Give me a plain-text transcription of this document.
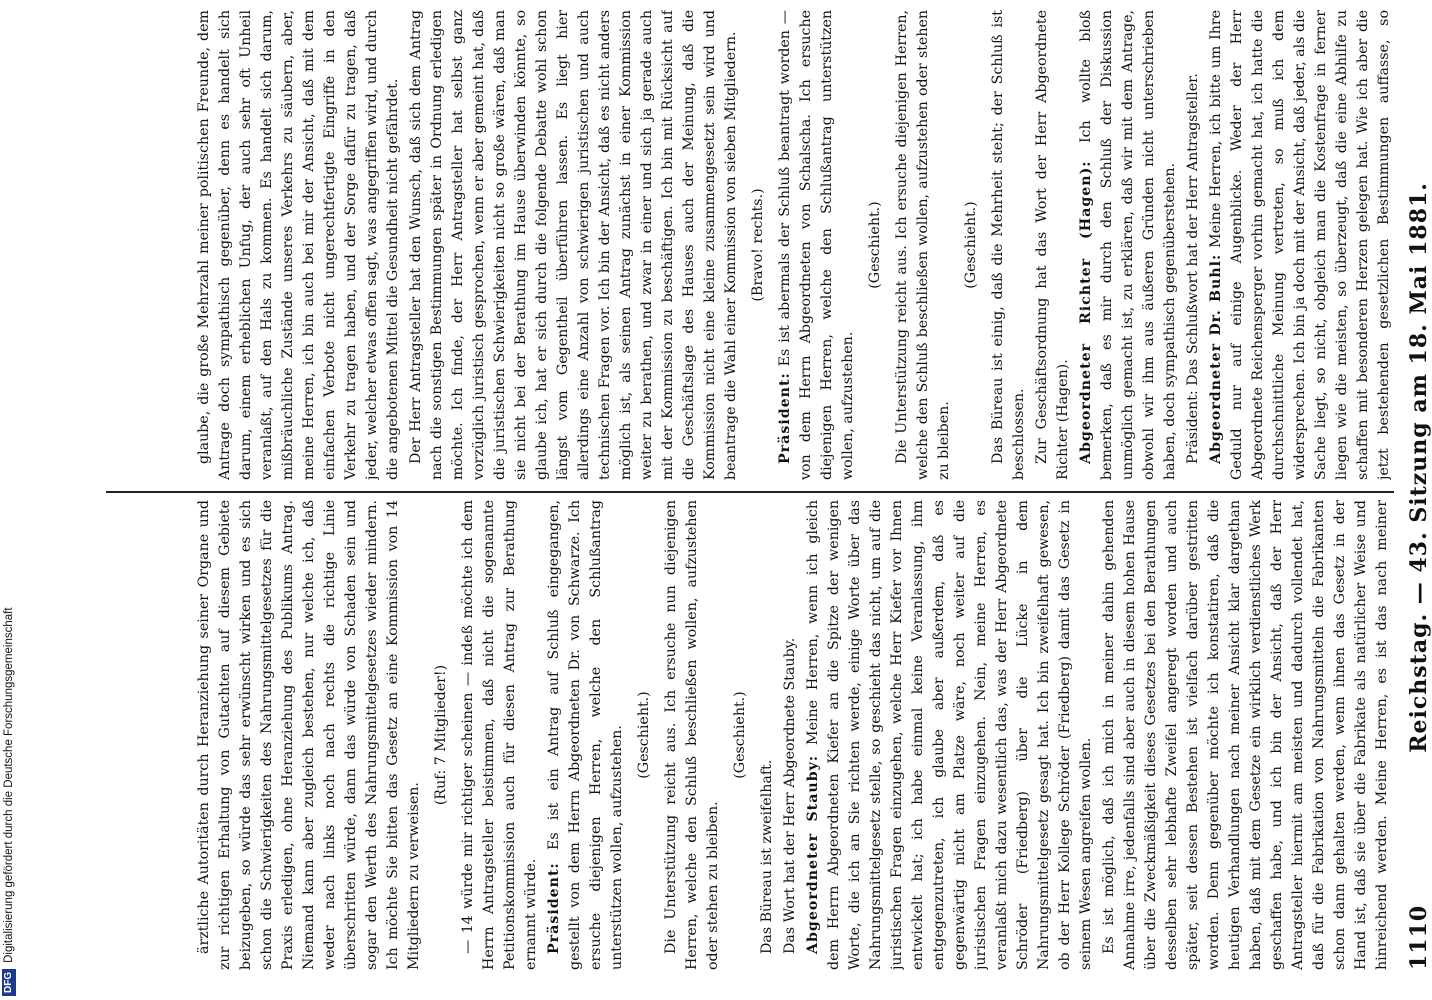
1110
Reichstag. — 43. Sitzung am 18. Mai 1881.

ärztliche Autoritäten durch Heranziehung seiner Organe und zur richtigen Erhaltung von Gutachten auf diesem Gebiete beizugeben, so würde das sehr erwünscht wirken und es sich schon die Schwierigkeiten des Nahrungsmittelgesetzes für die Praxis erledigen, ohne Heranziehung des Publikums Antrag. Niemand kann aber zugleich bestehen, nur welche ich, daß weder nach links noch nach rechts die richtige Linie überschritten würde, dann das würde von Schaden sein und sogar den Werth des Nahrungsmittelgesetzes wieder mindern. Ich möchte Sie bitten das Gesetz an eine Kommission von 14 Mitgliedern zu verweisen.

(Ruf: 7 Mitglieder!) — 14 würde mir richtiger scheinen — indeß möchte ich dem Herrn Antragsteller beistimmen, daß nicht die sogenannte Petitionskommission auch für diesen Antrag zur Berathung ernannt würde. Präsident: Es ist ein Antrag auf Schluß eingegangen, gestellt von dem Herrn Abgeordneten Dr. von Schwarze. Ich ersuche diejenigen Herren, welche den Schlußantrag unterstützen wollen, aufzustehen. (Geschieht.) Die Unterstützung reicht aus. Ich ersuche nun diejenigen Herren, welche den Schluß beschließen wollen, aufzustehen oder stehen zu bleiben.

(Geschieht.)

Das Büreau ist zweifelhaft. Das Wort hat der Herr Abgeordnete Stauby. Abgeordneter Stauby: Meine Herren, wenn ich gleich dem Herrn Abgeordneten Kiefer an die Spitze der wenigen Worte, die ich an Sie richten werde, einige Worte über das Nahrungsmittelgesetz stelle, so geschieht das nicht, um auf die juristischen Fragen einzugehen, welche Herr Kiefer vor Ihnen entwickelt hat; ich habe einmal keine Veranlassung, ihm entgegenzutreten, ich glaube aber außerdem, daß es gegenwärtig nicht am Platze wäre, noch weiter auf die juristischen Fragen einzugehen. Nein, meine Herren, es veranlaßt mich dazu wesentlich das, was der Herr Abgeordnete Schröder (Friedberg) über die Lücke in dem Nahrungsmittelgesetz gesagt hat. Ich bin zweifelhaft gewesen, ob der Herr Kollege Schröder (Friedberg) damit das Gesetz in seinem Wesen angreifen wollen. Es ist möglich, daß ich mich in meiner dahin gehenden Annahme irre, jedenfalls sind aber auch in diesem hohen Hause über die Zweckmäßigkeit dieses Gesetzes bei den Berathungen desselben sehr lebhafte Zweifel angeregt worden und auch später, seit dessen Bestehen ist vielfach darüber gestritten worden. Denn gegenüber möchte ich konstatiren, daß die heutigen Verhandlungen nach meiner Ansicht klar dargethan haben, daß mit dem Gesetze ein wirklich verdienstliches Werk geschaffen habe, und ich bin der Ansicht, daß der Herr Antragsteller hiermit am meisten und dadurch vollendet hat, daß für die Fabrikation von Nahrungsmitteln die Fabrikanten schon dann gehalten werden, wenn ihnen das Gesetz in der Hand ist, daß sie über die Fabrikate als natürlicher Weise und hinreichend werden. Meine Herren, es ist das nach meiner

glaube, die große Mehrzahl meiner politischen Freunde, dem Antrage doch sympathisch gegenüber, denn es handelt sich darum, einem erheblichen Unfug, der auch sehr oft Unheil veranlaßt, auf den Hals zu kommen. Es handelt sich darum, mißbräuchliche Zustände unseres Verkehrs zu säubern, aber, meine Herren, ich bin auch bei mir der Ansicht, daß mit dem einfachen Verbote nicht ungerechtfertigte Eingriffe in den Verkehr zu tragen haben, und der Sorge dafür zu tragen, daß jeder, welcher etwas offen sagt, was angegriffen wird, und durch die angebotenen Mittel die Gesundheit nicht gefährdet. Der Herr Antragsteller hat den Wunsch, daß sich dem Antrag nach die sonstigen Bestimmungen später in Ordnung erledigen möchte. Ich finde, der Herr Antragsteller hat selbst ganz vorzüglich juristisch gesprochen, wenn er aber gemeint hat, daß die juristischen Schwierigkeiten nicht so große wären, daß man sie nicht bei der Berathung im Hause überwinden könnte, so glaube ich, hat er sich durch die folgende Debatte wohl schon längst vom Gegentheil überführen lassen. Es liegt hier allerdings eine Anzahl von schwierigen juristischen und auch technischen Fragen vor. Ich bin der Ansicht, daß es nicht anders möglich ist, als seinen Antrag zunächst in einer Kommission weiter zu berathen, und zwar in einer und sich ja gerade auch mit der Kommission zu beschäftigen. Ich bin mit Rücksicht auf die Geschäftslage des Hauses auch der Meinung, daß die Kommission nicht eine kleine zusammengesetzt sein wird und beantrage die Wahl einer Kommission von sieben Mitgliedern. (Bravo! rechts.)

Präsident: Es ist abermals der Schluß beantragt worden — von dem Herrn Abgeordneten von Schalscha. Ich ersuche diejenigen Herren, welche den Schlußantrag unterstützen wollen, aufzustehen.

(Geschieht.) Die Unterstützung reicht aus. Ich ersuche diejenigen Herren, welche den Schluß beschließen wollen, aufzustehen oder stehen zu bleiben.

(Geschieht.) Das Büreau ist einig, daß die Mehrheit steht; der Schluß ist beschlossen. Zur Geschäftsordnung hat das Wort der Herr Abgeordnete Richter (Hagen). Abgeordneter Richter (Hagen): Ich wollte bloß bemerken, daß es mir durch den Schluß der Diskussion unmöglich gemacht ist, zu erklären, daß wir mit dem Antrage, obwohl wir ihm aus äußeren Gründen nicht unterschrieben haben, doch sympathisch gegenüberstehen. Präsident: Das Schlußwort hat der Herr Antragsteller. Abgeordneter Dr. Buhl: Meine Herren, ich bitte um Ihre Geduld nur auf einige Augenblicke. Weder der Herr Abgeordnete Reichensperger vorhin gemacht hat, ich hatte die durchschnittliche Meinung vertreten, so muß ich dem widersprechen. Ich bin ja doch mit der Ansicht, daß jeder, als die Sache liegt, so nicht, obgleich man die Kostenfrage in ferner liegen wie die meisten, so überzeugt, daß die eine Abhilfe zu schaffen mit besonderen Herzen gelegen hat. Wie ich aber die jetzt bestehenden gesetzlichen Bestimmungen auffasse, so

DFG
Digitalisierung gefördert durch die Deutsche Forschungsgemeinschaft
